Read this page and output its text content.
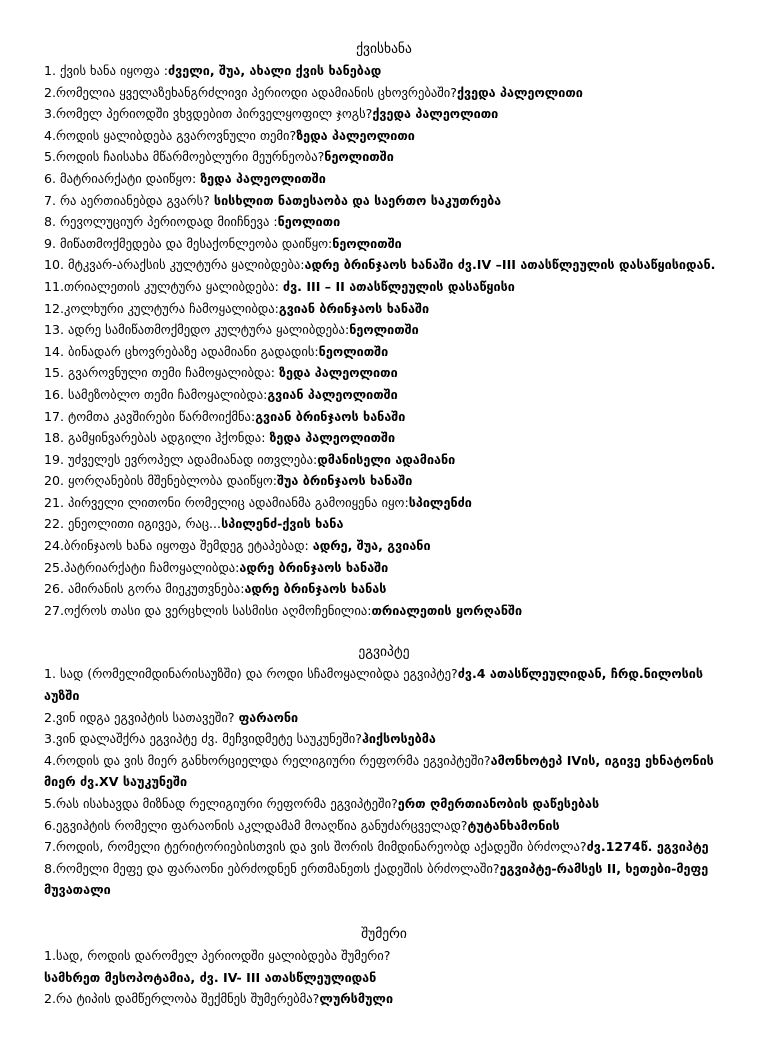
ქვისხანა
1. ქვის ხანა იყოფა :ძველი, შუა, ახალი ქვის ხანებად
2.რომელია ყველაზეხანგრძლივი პერიოდი ადამიანის ცხოვრებაში?ქვედა პალეოლითი
3.რომელ პერიოდში ვხვდებით პირველყოფილ ჯოგს?ქვედა პალეოლითი
4.როდის ყალიბდება გვაროვნული თემი?ზედა პალეოლითი
5.როდის ჩაისახა მწარმოებლური მეურნეობა?ნეოლითში
6. მატრიარქატი დაიწყო: ზედა პალეოლითში
7. რა აერთიანებდა გვარს? სისხლით ნათესაობა და საერთო საკუთრება
8. რევოლუციურ პერიოდად მიიჩნევა :ნეოლითი
9. მიწათმოქმედება და მესაქონლეობა დაიწყო:ნეოლითში
10. მტკვარ-არაქსის კულტურა ყალიბდება:ადრე ბრინჯაოს ხანაში ძვ.IV –III ათასწლეულის დასაწყისიდან.
11.თრიალეთის კულტურა ყალიბდება: ძვ. III – II ათასწლეულის დასაწყისი
12.კოლხური კულტურა ჩამოყალიბდა:გვიან ბრინჯაოს ხანაში
13. ადრე სამიწათმოქმედო კულტურა ყალიბდება:ნეოლითში
14. ბინადარ ცხოვრებაზე ადამიანი გადადის:ნეოლითში
15. გვაროვნული თემი ჩამოყალიბდა: ზედა პალეოლითი
16. სამეზობლო თემი ჩამოყალიბდა:გვიან პალეოლითში
17. ტომთა კავშირები წარმოიქმნა:გვიან ბრინჯაოს ხანაში
18. გამყინვარებას ადგილი ჰქონდა: ზედა პალეოლითში
19. უძველეს ევროპელ ადამიანად ითვლება:დმანისელი ადამიანი
20. ყორღანების მშენებლობა დაიწყო:შუა ბრინჯაოს ხანაში
21. პირველი ლითონი რომელიც ადამიანმა გამოიყენა იყო:სპილენძი
22. ენეოლითი იგივეა, რაც...სპილენძ-ქვის ხანა
24.ბრინჯაოს ხანა იყოფა შემდეგ ეტაპებად: ადრე, შუა, გვიანი
25.პატრიარქატი ჩამოყალიბდა:ადრე ბრინჯაოს ხანაში
26. ამირანის გორა მიეკუთვნება:ადრე ბრინჯაოს ხანას
27.ოქროს თასი და ვერცხლის სასმისი აღმოჩენილია:თრიალეთის ყორღანში
ეგვიპტე
1. სად (რომელიმდინარისაუზში) და როდი სჩამოყალიბდა ეგვიპტე?ძვ.4 ათასწლეულიდან, ჩრდ.ნილოსის აუზში
2.ვინ იდგა ეგვიპტის სათავეში? ფარაონი
3.ვინ დალაშქრა ეგვიპტე ძვ. მეჩვიდმეტე საუკუნეში?ჰიქსოსებმა
4.როდის და ვის მიერ განხორციელდა რელიგიური რეფორმა ეგვიპტეში?ამონხოტეპ IVის, იგივე ეხნატონის მიერ ძვ.XV საუკუნეში
5.რას ისახავდა მიზნად რელიგიური რეფორმა ეგვიპტეში?ერთ ღმერთიანობის დაწესებას
6.ეგვიპტის რომელი ფარაონის აკლდამამ მოაღწია განუძარცველად?ტუტანხამონის
7.როდის, რომელი ტერიტორიებისთვის და ვის შორის მიმდინარეობდ აქადეში ბრძოლა?ძვ.1274წ. ეგვიპტე
8.რომელი მეფე და ფარაონი ებრძოდნენ ერთმანეთს ქადეშის ბრძოლაში?ეგვიპტე-რამსეს II, ხეთები-მეფე მუვათალი
შუმერი
1.სად, როდის დარომელ პერიოდში ყალიბდება შუმერი?
სამხრეთ მესოპოტამია, ძვ. IV- III ათასწლეულიდან
2.რა ტიპის დამწერლობა შექმნეს შუმერებმა?ლურსმული
